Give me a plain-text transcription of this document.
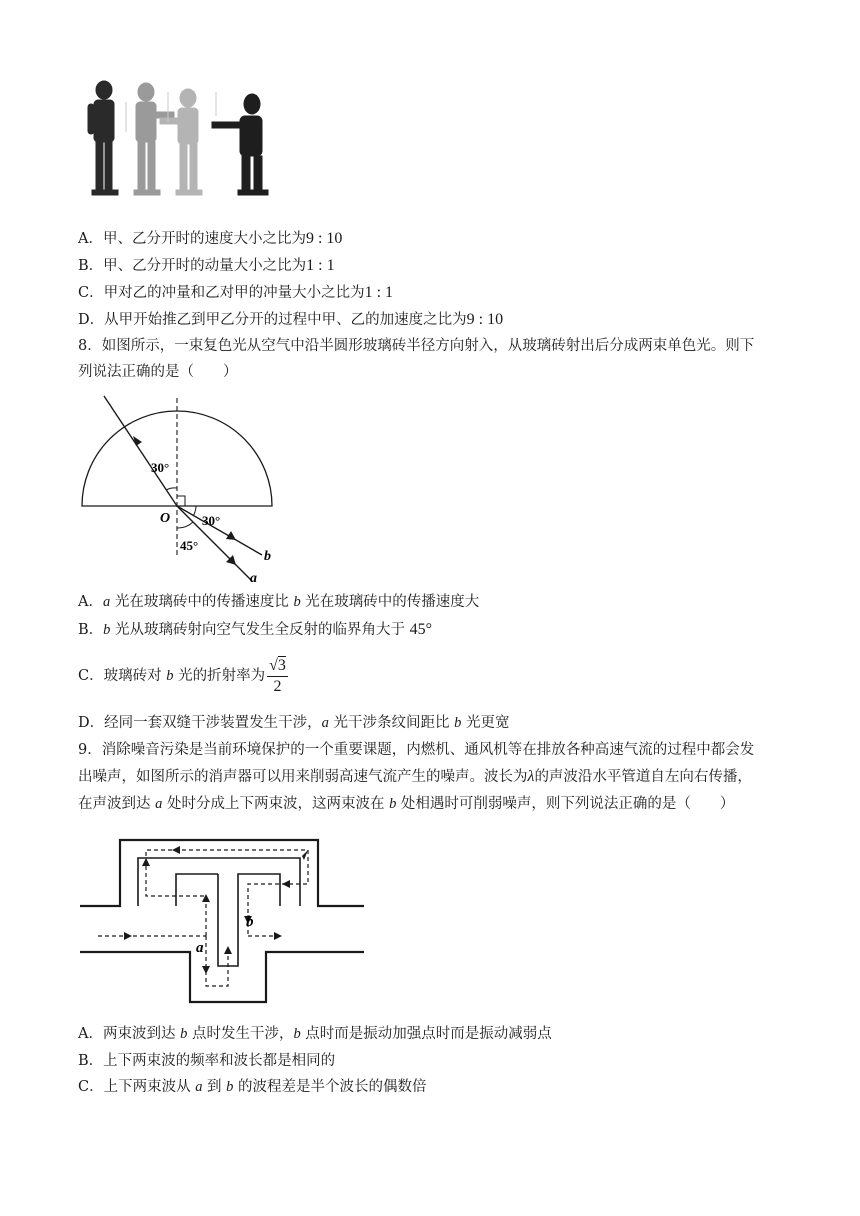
A．甲、乙分开时的速度大小之比为9 : 10
B．甲、乙分开时的动量大小之比为1 : 1
C．甲对乙的冲量和乙对甲的冲量大小之比为1 : 1
D．从甲开始推乙到甲乙分开的过程中甲、乙的加速度之比为9 : 10
8．如图所示，一束复色光从空气中沿半圆形玻璃砖半径方向射入，从玻璃砖射出后分成两束单色光。则下
列说法正确的是（　　）
30°
30°
45°
O
a
b
A．a 光在玻璃砖中的传播速度比 b 光在玻璃砖中的传播速度大
B．b 光从玻璃砖射向空气发生全反射的临界角大于 45°
C．玻璃砖对 b 光的折射率为 $\frac{√3}{2}$
D．经同一套双缝干涉装置发生干涉，a 光干涉条纹间距比 b 光更宽
9．消除噪音污染是当前环境保护的一个重要课题，内燃机、通风机等在排放各种高速气流的过程中都会发
出噪声，如图所示的消声器可以用来削弱高速气流产生的噪声。波长为λ的声波沿水平管道自左向右传播，
在声波到达 a 处时分成上下两束波，这两束波在 b 处相遇时可削弱噪声，则下列说法正确的是（　　）
a
b
A．两束波到达 b 点时发生干涉，b 点时而是振动加强点时而是振动减弱点
B．上下两束波的频率和波长都是相同的
C．上下两束波从 a 到 b 的波程差是半个波长的偶数倍
